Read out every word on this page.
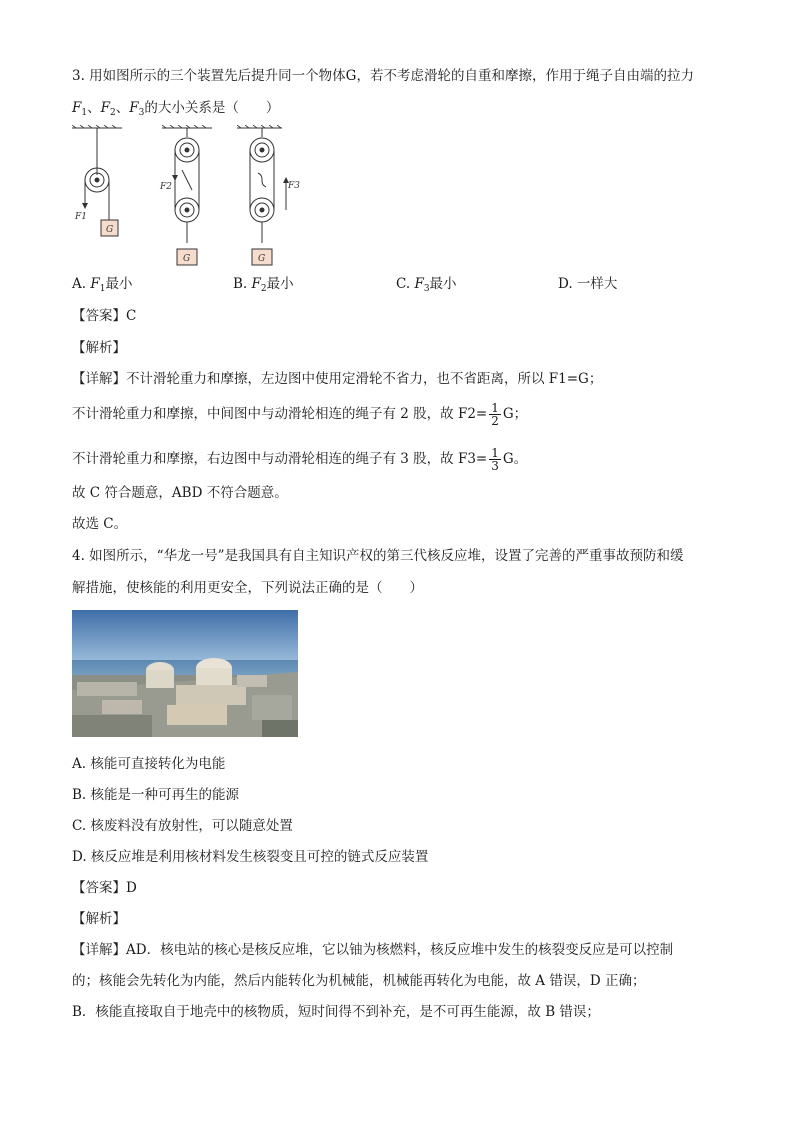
3. 用如图所示的三个装置先后提升同一个物体G，若不考虑滑轮的自重和摩擦，作用于绳子自由端的拉力
$F_1$、$F_2$、$F_3$的大小关系是（　　）
G
G	G
F1
F2	F3
A. $F_1$最小	B. $F_2$最小	C. $F_3$最小	D. 一样大
【答案】C
【解析】
【详解】不计滑轮重力和摩擦，左边图中使用定滑轮不省力，也不省距离，所以 F1=G；
不计滑轮重力和摩擦，中间图中与动滑轮相连的绳子有 2 股，故 $F2= \frac{1}{2}$ G；
不计滑轮重力和摩擦，右边图中与动滑轮相连的绳子有 3 股，故 $F3= \frac{1}{3}$ G。
故 C 符合题意，ABD 不符合题意。
故选 C。
4. 如图所示，“华龙一号”是我国具有自主知识产权的第三代核反应堆，设置了完善的严重事故预防和缓
解措施，使核能的利用更安全，下列说法正确的是（　　）
A. 核能可直接转化为电能
B. 核能是一种可再生的能源
C. 核废料没有放射性，可以随意处置
D. 核反应堆是利用核材料发生核裂变且可控的链式反应装置
【答案】D
【解析】
【详解】AD．核电站的核心是核反应堆，它以铀为核燃料，核反应堆中发生的核裂变反应是可以控制
的；核能会先转化为内能，然后内能转化为机械能，机械能再转化为电能，故 A 错误，D 正确；
B．核能直接取自于地壳中的核物质，短时间得不到补充，是不可再生能源，故 B 错误；
